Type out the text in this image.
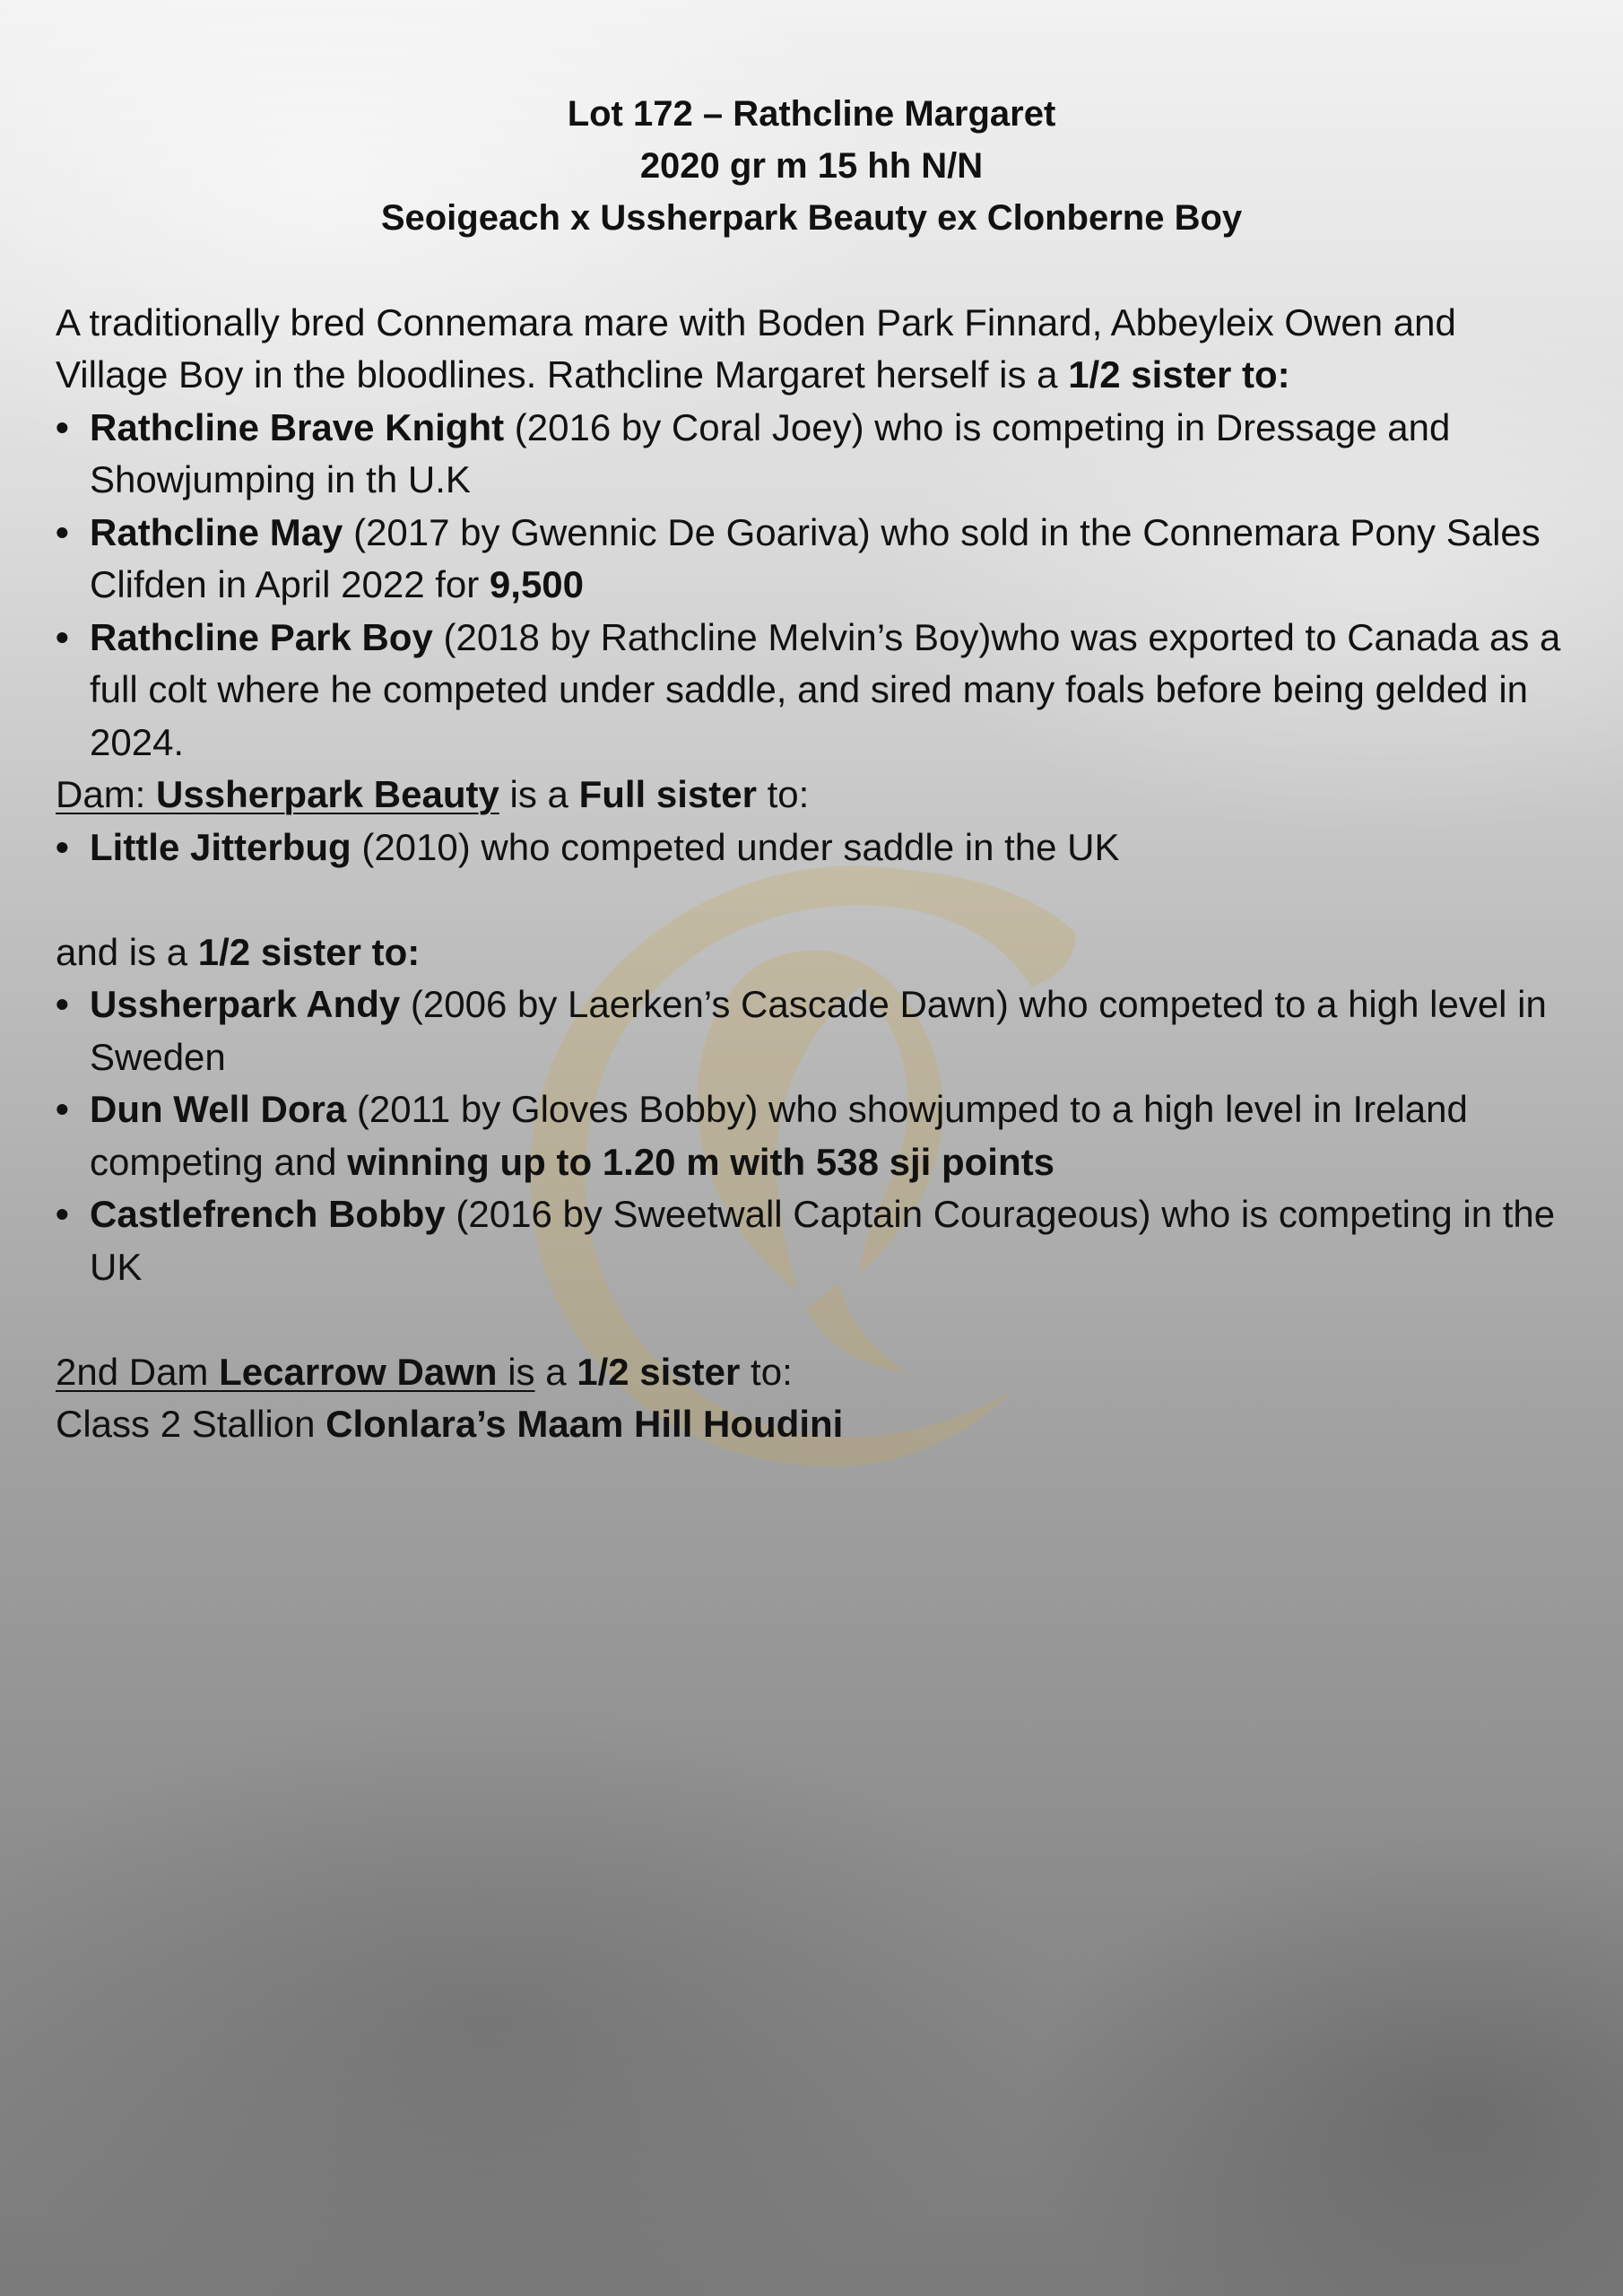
Lot 172 – Rathcline Margaret
2020 gr m 15 hh N/N
Seoigeach x Ussherpark Beauty ex Clonberne Boy
A traditionally bred Connemara mare with Boden Park Finnard, Abbeyleix Owen and Village Boy in the bloodlines. Rathcline Margaret herself is a 1/2 sister to:
• Rathcline Brave Knight (2016 by Coral Joey) who is competing in Dressage and Showjumping in th U.K
• Rathcline May (2017 by Gwennic De Goariva) who sold in the Connemara Pony Sales Clifden in April 2022 for 9,500
• Rathcline Park Boy (2018 by Rathcline Melvin’s Boy)who was exported to Canada as a full colt where he competed under saddle, and sired many foals before being gelded in 2024.
Dam: Ussherpark Beauty is a Full sister to:
• Little Jitterbug (2010) who competed under saddle in the UK
and is a 1/2 sister to:
• Ussherpark Andy (2006 by Laerken’s Cascade Dawn) who competed to a high level in Sweden
• Dun Well Dora (2011 by Gloves Bobby) who showjumped to a high level in Ireland competing and winning up to 1.20 m with 538 sji points
• Castlefrench Bobby (2016 by Sweetwall Captain Courageous) who is competing in the UK
2nd Dam Lecarrow Dawn is a 1/2 sister to:
Class 2 Stallion Clonlara’s Maam Hill Houdini
